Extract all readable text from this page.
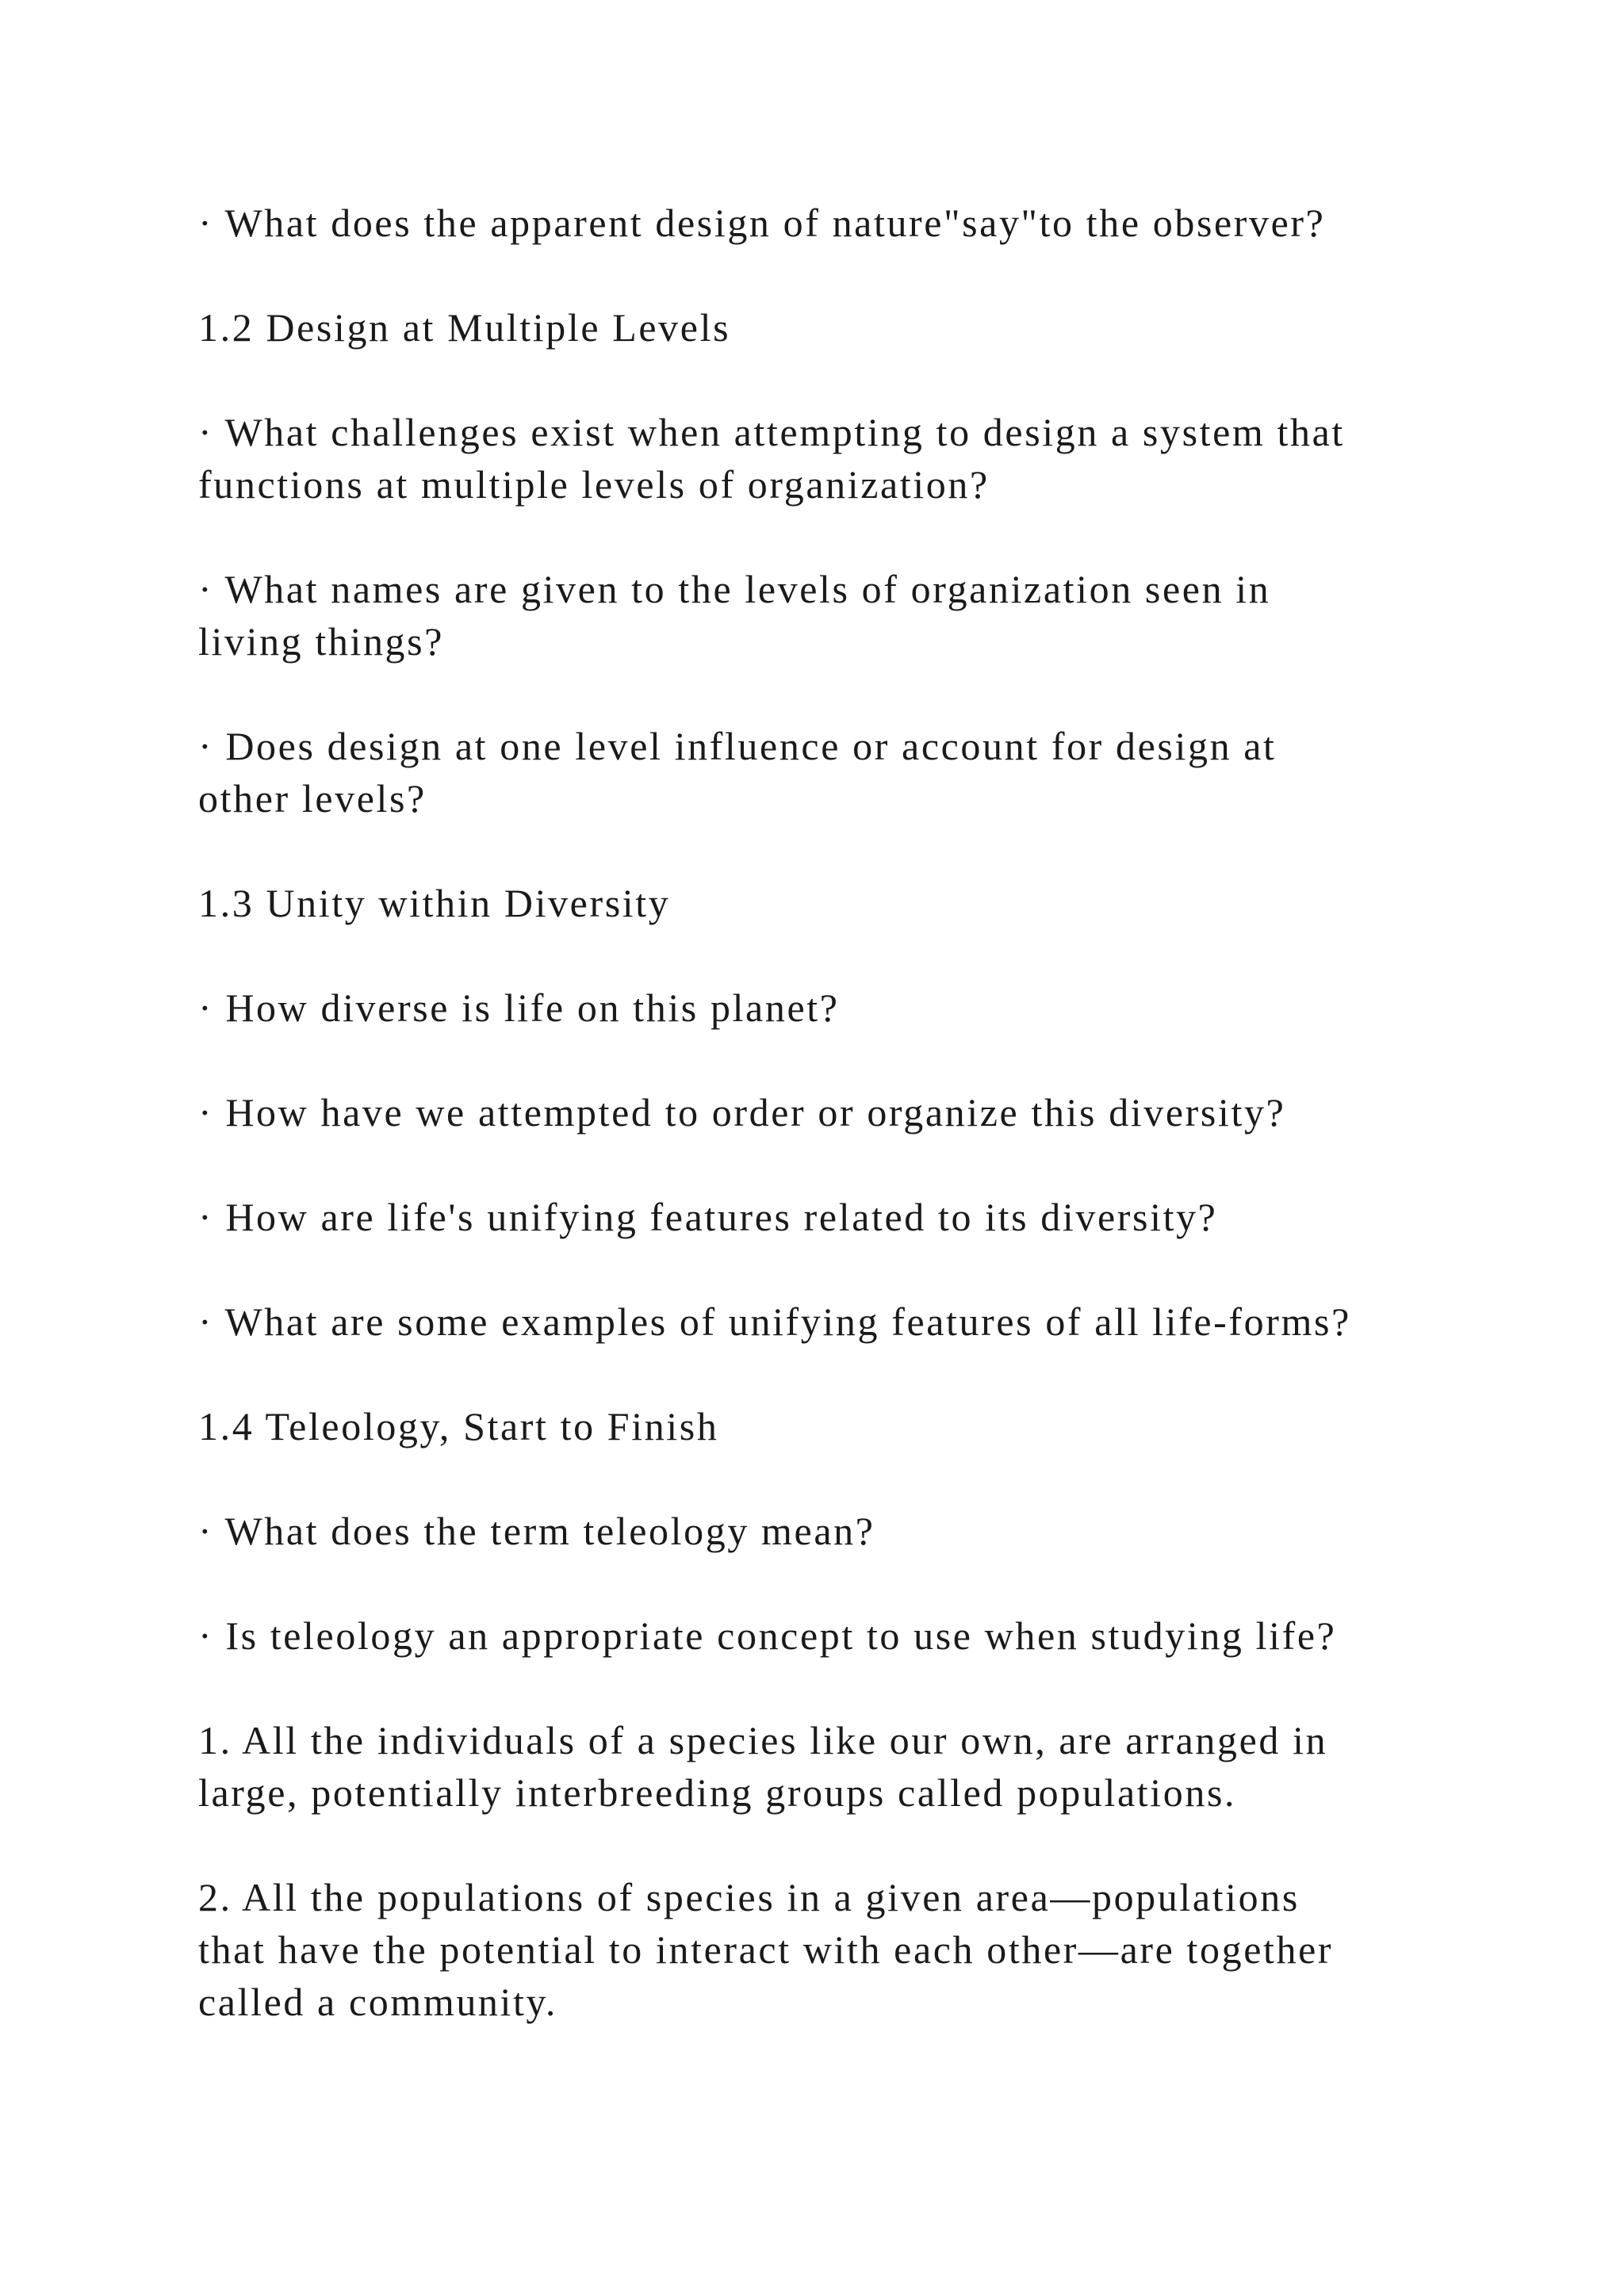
· What does the apparent design of nature"say"to the observer?

1.2 Design at Multiple Levels

· What challenges exist when attempting to design a system that

functions at multiple levels of organization?

· What names are given to the levels of organization seen in

living things?

· Does design at one level influence or account for design at

other levels?

1.3 Unity within Diversity

· How diverse is life on this planet?

· How have we attempted to order or organize this diversity?

· How are life's unifying features related to its diversity?

· What are some examples of unifying features of all life-forms?

1.4 Teleology, Start to Finish

· What does the term teleology mean?

· Is teleology an appropriate concept to use when studying life?

1. All the individuals of a species like our own, are arranged in

large, potentially interbreeding groups called populations.

2. All the populations of species in a given area—populations

that have the potential to interact with each other—are together

called a community.
